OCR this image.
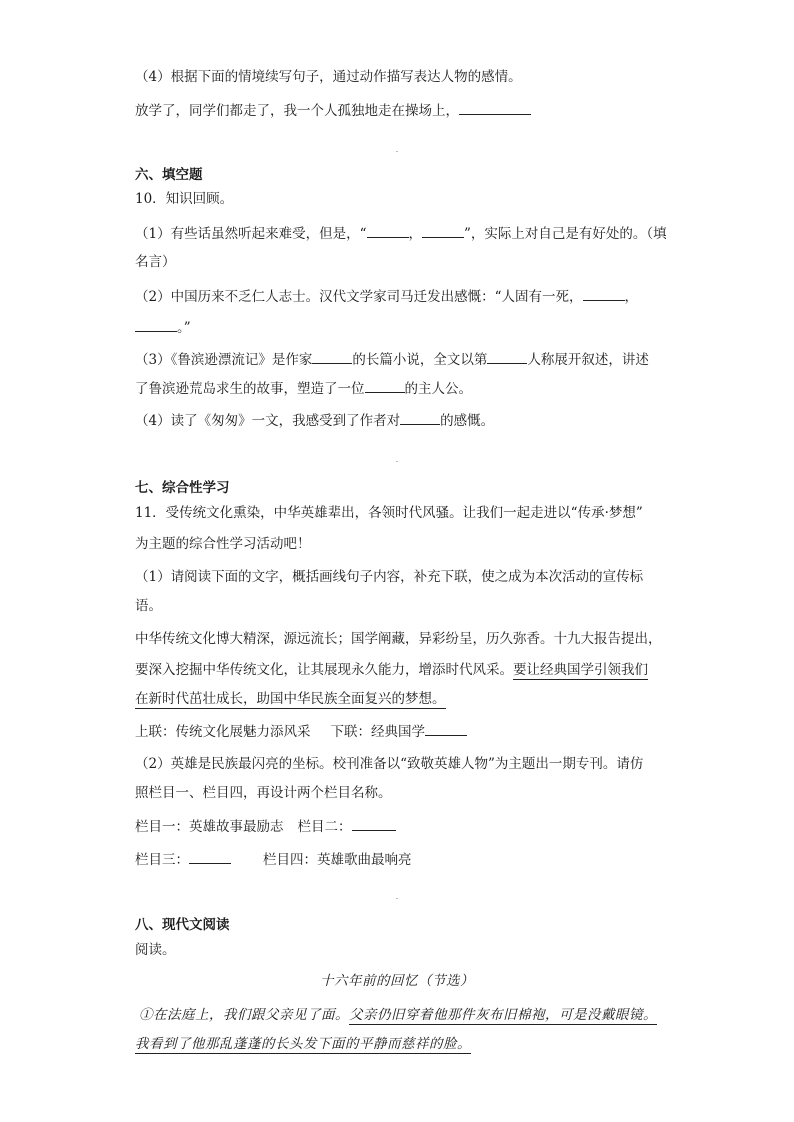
（4）根据下面的情境续写句子，通过动作描写表达人物的感情。
放学了，同学们都走了，我一个人孤独地走在操场上，
六、填空题
10．知识回顾。
（1）有些话虽然听起来难受，但是，“	，	”，实际上对自己是有好处的。（填
名言）
（2）中国历来不乏仁人志士。汉代文学家司马迁发出感慨：“人固有一死，	，
。”
（3）《鲁滨逊漂流记》是作家	的长篇小说，全文以第	人称展开叙述，讲述
了鲁滨逊荒岛求生的故事，塑造了一位	的主人公。
（4）读了《匆匆》一文，我感受到了作者对	的感慨。
七、综合性学习
11．受传统文化熏染，中华英雄辈出，各领时代风骚。让我们一起走进以“传承·梦想”
为主题的综合性学习活动吧！
（1）请阅读下面的文字，概括画线句子内容，补充下联，使之成为本次活动的宣传标
语。
中华传统文化博大精深，源远流长；国学阐藏，异彩纷呈，历久弥香。十九大报告提出，
要深入挖掘中华传统文化，让其展现永久能力，增添时代风采。要让经典国学引领我们
在新时代茁壮成长，助国中华民族全面复兴的梦想。
上联：传统文化展魅力添风采 下联：经典国学
（2）英雄是民族最闪亮的坐标。校刊准备以“致敬英雄人物”为主题出一期专刊。请仿
照栏目一、栏目四，再设计两个栏目名称。
栏目一：英雄故事最励志 栏目二：
栏目三：	栏目四：英雄歌曲最响亮
八、现代文阅读
阅读。
十六年前的回忆（节选）
①在法庭上，我们跟父亲见了面。父亲仍旧穿着他那件灰布旧棉袍，可是没戴眼镜。
我看到了他那乱蓬蓬的长头发下面的平静而慈祥的脸。
